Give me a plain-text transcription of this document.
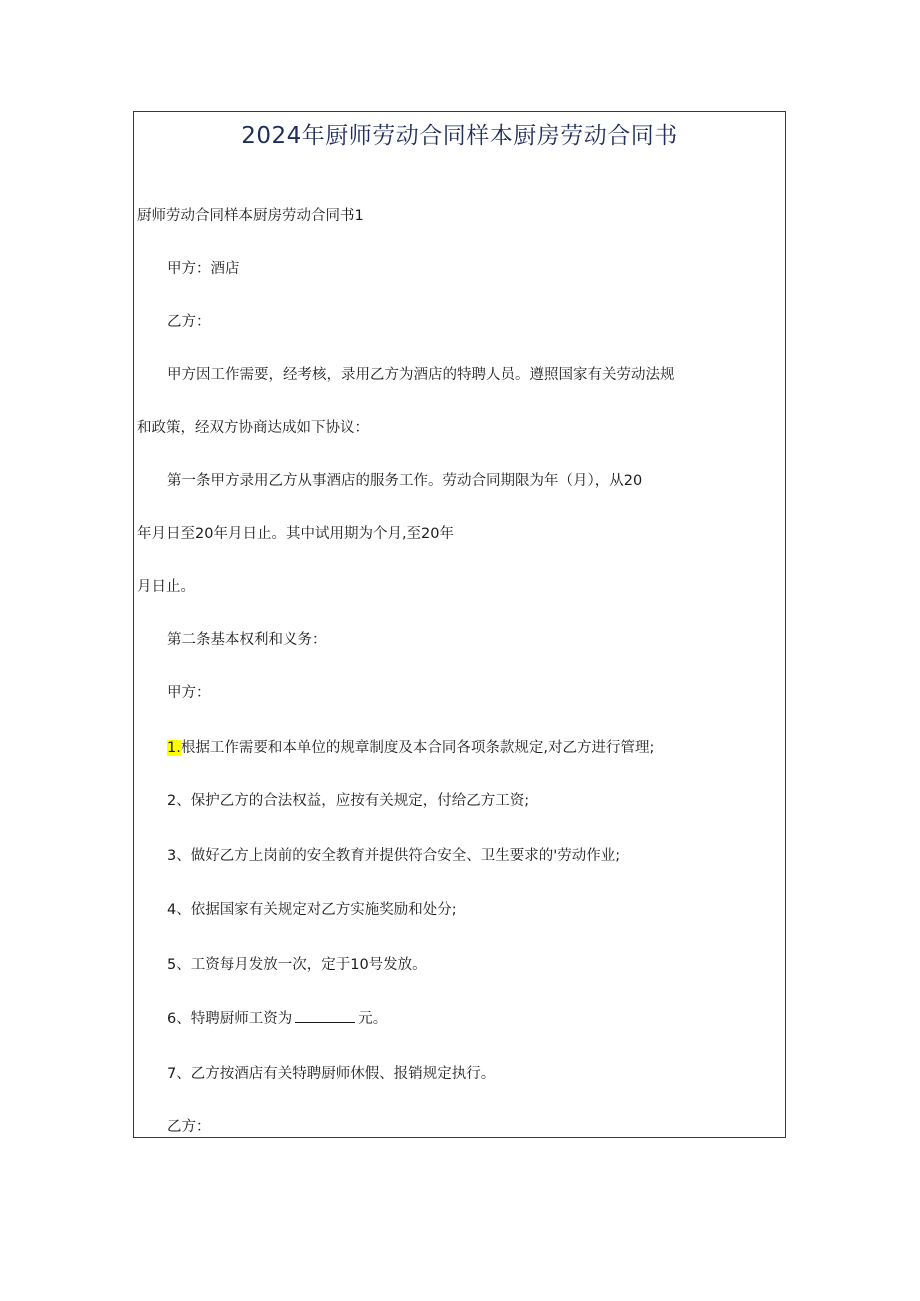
2024年厨师劳动合同样本厨房劳动合同书
厨师劳动合同样本厨房劳动合同书1
甲方：酒店
乙方：
甲方因工作需要，经考核，录用乙方为酒店的特聘人员。遵照国家有关劳动法规
和政策，经双方协商达成如下协议：
第一条甲方录用乙方从事酒店的服务工作。劳动合同期限为年（月），从20
年月日至20年月日止。其中试用期为个月,至20年
月日止。
第二条基本权利和义务：
甲方：
1.根据工作需要和本单位的规章制度及本合同各项条款规定,对乙方进行管理;
2、保护乙方的合法权益，应按有关规定，付给乙方工资;
3、做好乙方上岗前的安全教育并提供符合安全、卫生要求的'劳动作业;
4、依据国家有关规定对乙方实施奖励和处分;
5、工资每月发放一次，定于10号发放。
6、特聘厨师工资为	元。
7、乙方按酒店有关特聘厨师休假、报销规定执行。
乙方：
